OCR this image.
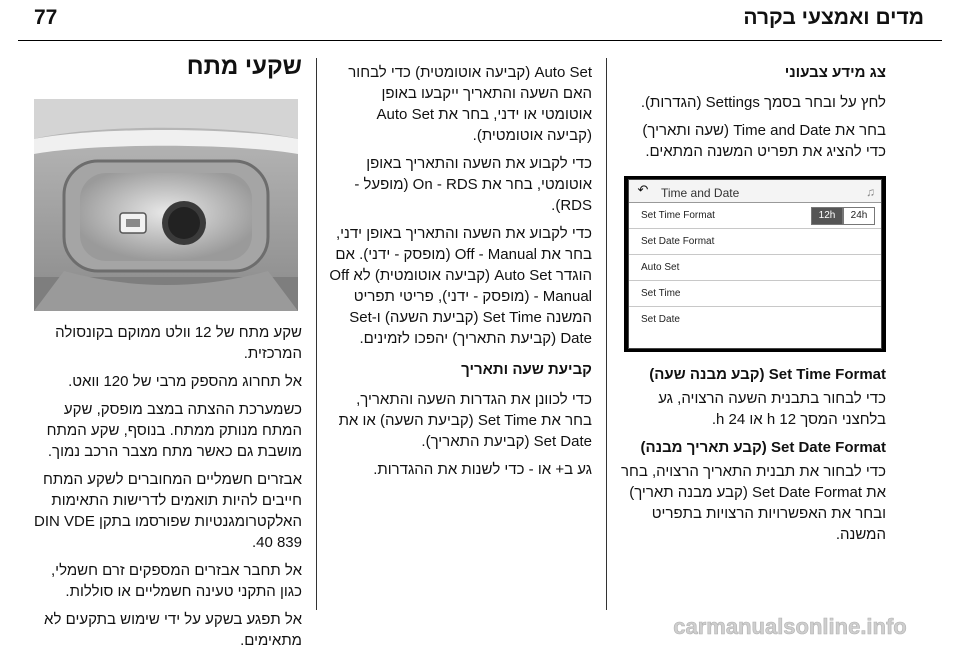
77	מדים ואמצעי בקרה
צג מידע צבעוני

לחץ על ובחר בסמך Settings (הגדרות).

בחר את Time and Date (שעה ותאריך) כדי להציג את תפריט המשנה המתאים.

↶	Time and Date	♫
Set Time Format	12h	24h
Set Date Format
Auto Set
Set Time
Set Date
Set Time Format (קבע מבנה שעה)

כדי לבחור בתבנית השעה הרצויה, גע בלחצני המסך 12 h או 24 h.

Set Date Format (קבע תאריך מבנה)

כדי לבחור את תבנית התאריך הרצויה, בחר את Set Date Format (קבע מבנה תאריך) ובחר את האפשרויות הרצויות בתפריט המשנה.

Auto Set (קביעה אוטומטית) כדי לבחור האם השעה והתאריך ייקבעו באופן אוטומטי או ידני, בחר את Auto Set (קביעה אוטומטית).

כדי לקבוע את השעה והתאריך באופן אוטומטי, בחר את On - RDS (מופעל - RDS).

כדי לקבוע את השעה והתאריך באופן ידני, בחר את Off - Manual (מופסק - ידני). אם הוגדר Auto Set (קביעה אוטומטית) לא Off - Manual (מופסק - ידני), פריטי תפריט המשנה Set Time (קביעת השעה) ו-Set Date (קביעת התאריך) יהפכו לזמינים.

קביעת שעה ותאריך

כדי לכוונן את הגדרות השעה והתאריך, בחר את Set Time (קביעת השעה) או את Set Date (קביעת התאריך).

גע ב+ או - כדי לשנות את ההגדרות.

שקעי מתח

שקע מתח של 12 וולט ממוקם בקונסולה המרכזית.

אל תחרוג מהספק מרבי של 120 וואט.

כשמערכת ההצתה במצב מופסק, שקע המתח מנותק ממתח. בנוסף, שקע המתח מושבת גם כאשר מתח מצבר הרכב נמוך.

אבזרים חשמליים המחוברים לשקע המתח חייבים להיות תואמים לדרישות התאימות האלקטרומגנטיות שפורסמו בתקן DIN VDE 40 839.

אל תחבר אבזרים המספקים זרם חשמלי, כגון התקני טעינה חשמליים או סוללות.

אל תפגע בשקע על ידי שימוש בתקעים לא מתאימים.

carmanualsonline.info
